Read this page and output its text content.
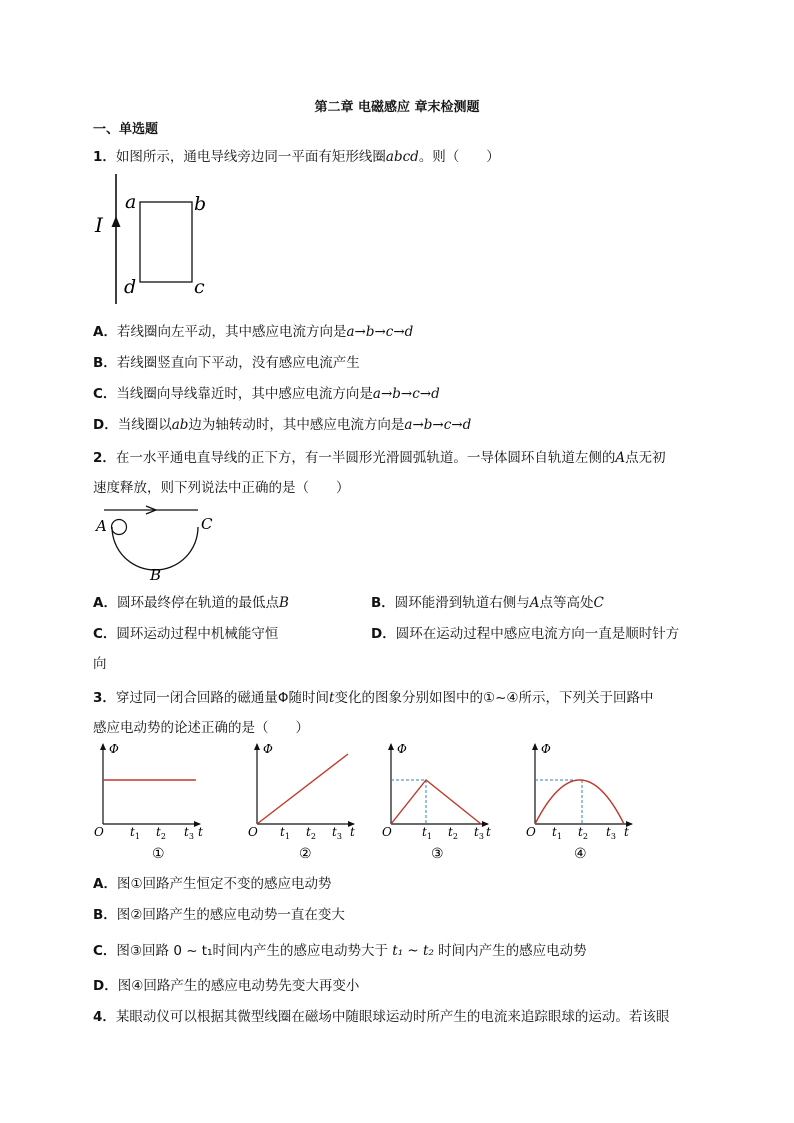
第二章 电磁感应 章末检测题
一、单选题
1．如图所示，通电导线旁边同一平面有矩形线圈abcd。则（　　）
I
a	b
c
d
A．若线圈向左平动，其中感应电流方向是a→b→c→d
B．若线圈竖直向下平动，没有感应电流产生
C．当线圈向导线靠近时，其中感应电流方向是a→b→c→d
D．当线圈以ab边为轴转动时，其中感应电流方向是a→b→c→d
2．在一水平通电直导线的正下方，有一半圆形光滑圆弧轨道。一导体圆环自轨道左侧的A点无初
速度释放，则下列说法中正确的是（　　）
A	C
B
A．圆环最终停在轨道的最低点B	B．圆环能滑到轨道右侧与A点等高处C
C．圆环运动过程中机械能守恒	D．圆环在运动过程中感应电流方向一直是顺时针方
向
3．穿过同一闭合回路的磁通量Φ随时间t变化的图象分别如图中的①~④所示，下列关于回路中
感应电动势的论述正确的是（　　）
Φ
O $t_1$ $t_2$ $t_3$ t
①
Φ
O $t_1$ $t_2$ $t_3$ t
②
Φ
O	$t_1$ $t_2$ $t_3$ t
③
Φ
O $t_1$ $t_2$ $t_3$ t
④
A．图①回路产生恒定不变的感应电动势
B．图②回路产生的感应电动势一直在变大
C．图③回路 0 ~ t₁时间内产生的感应电动势大于 t₁ ~ t₂ 时间内产生的感应电动势
D．图④回路产生的感应电动势先变大再变小
4．某眼动仪可以根据其微型线圈在磁场中随眼球运动时所产生的电流来追踪眼球的运动。若该眼
